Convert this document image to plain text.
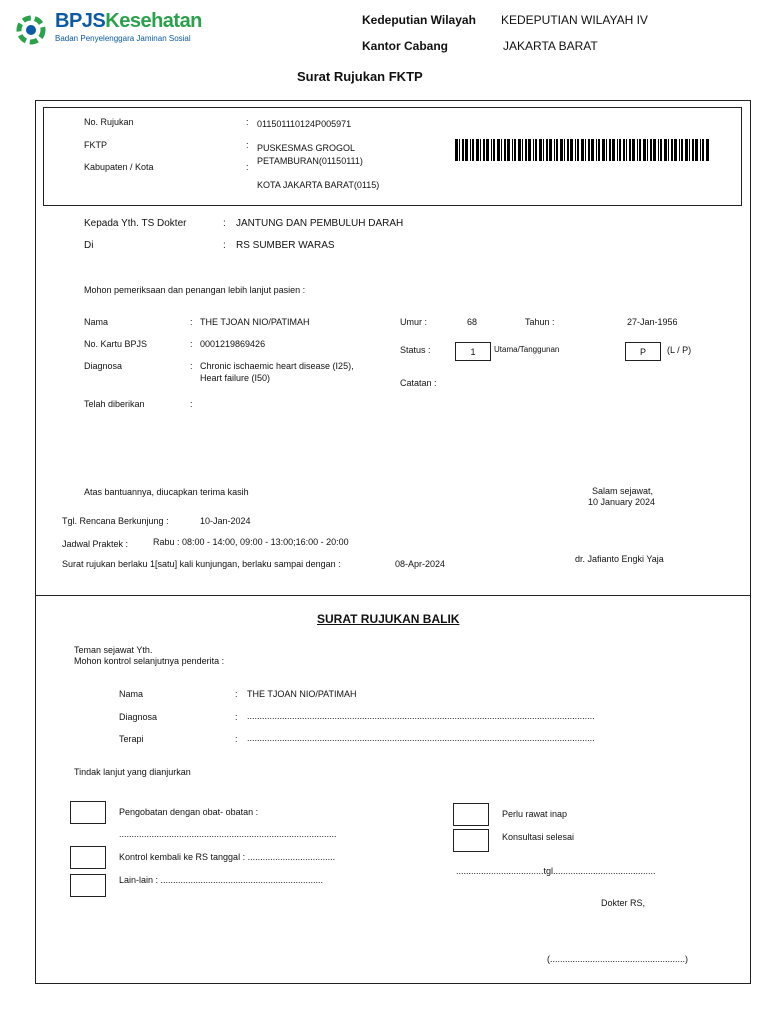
BPJSKesehatan
Badan Penyelenggara Jaminan Sosial
Kedeputian Wilayah KEDEPUTIAN WILAYAH IV
Kantor Cabang	JAKARTA BARAT
Surat Rujukan FKTP
No. Rujukan	: 011501110124P005971
FKTP	: PUSKESMAS GROGOL
PETAMBURAN(01150111)
Kabupaten / Kota	:
KOTA JAKARTA BARAT(0115)
Kepada Yth. TS Dokter	: JANTUNG DAN PEMBULUH DARAH
Di	: RS SUMBER WARAS
Mohon pemeriksaan dan penangan lebih lanjut pasien :
Nama	: THE TJOAN NIO/PATIMAH
No. Kartu BPJS	: 0001219869426
Diagnosa	: Chronic ischaemic heart disease (I25),
Heart failure (I50)
Telah diberikan	:
Umur :	68	Tahun :	27-Jan-1956
Status :	1	Utama/Tanggunan	P	(L / P)
Catatan :
Atas bantuannya, diucapkan terima kasih	Salam sejawat,
10 January 2024
Tgl. Rencana Berkunjung :	10-Jan-2024
Jadwal Praktek :	Rabu : 08:00 - 14:00, 09:00 - 13:00;16:00 - 20:00
Surat rujukan berlaku 1[satu] kali kunjungan, berlaku sampai dengan :	08-Apr-2024	dr. Jafianto Engki Yaja
SURAT RUJUKAN BALIK
Teman sejawat Yth.
Mohon kontrol selanjutnya penderita :
Nama	: THE TJOAN NIO/PATIMAH
Diagnosa	: ...........................................................................................................................................
Terapi	: ...........................................................................................................................................
Tindak lanjut yang dianjurkan
Pengobatan dengan obat- obatan :
.......................................................................................
Kontrol kembali ke RS tanggal : ...................................
Lain-lain : .................................................................
Perlu rawat inap
Konsultasi selesai
...................................tgl.........................................
Dokter RS,
(......................................................)
